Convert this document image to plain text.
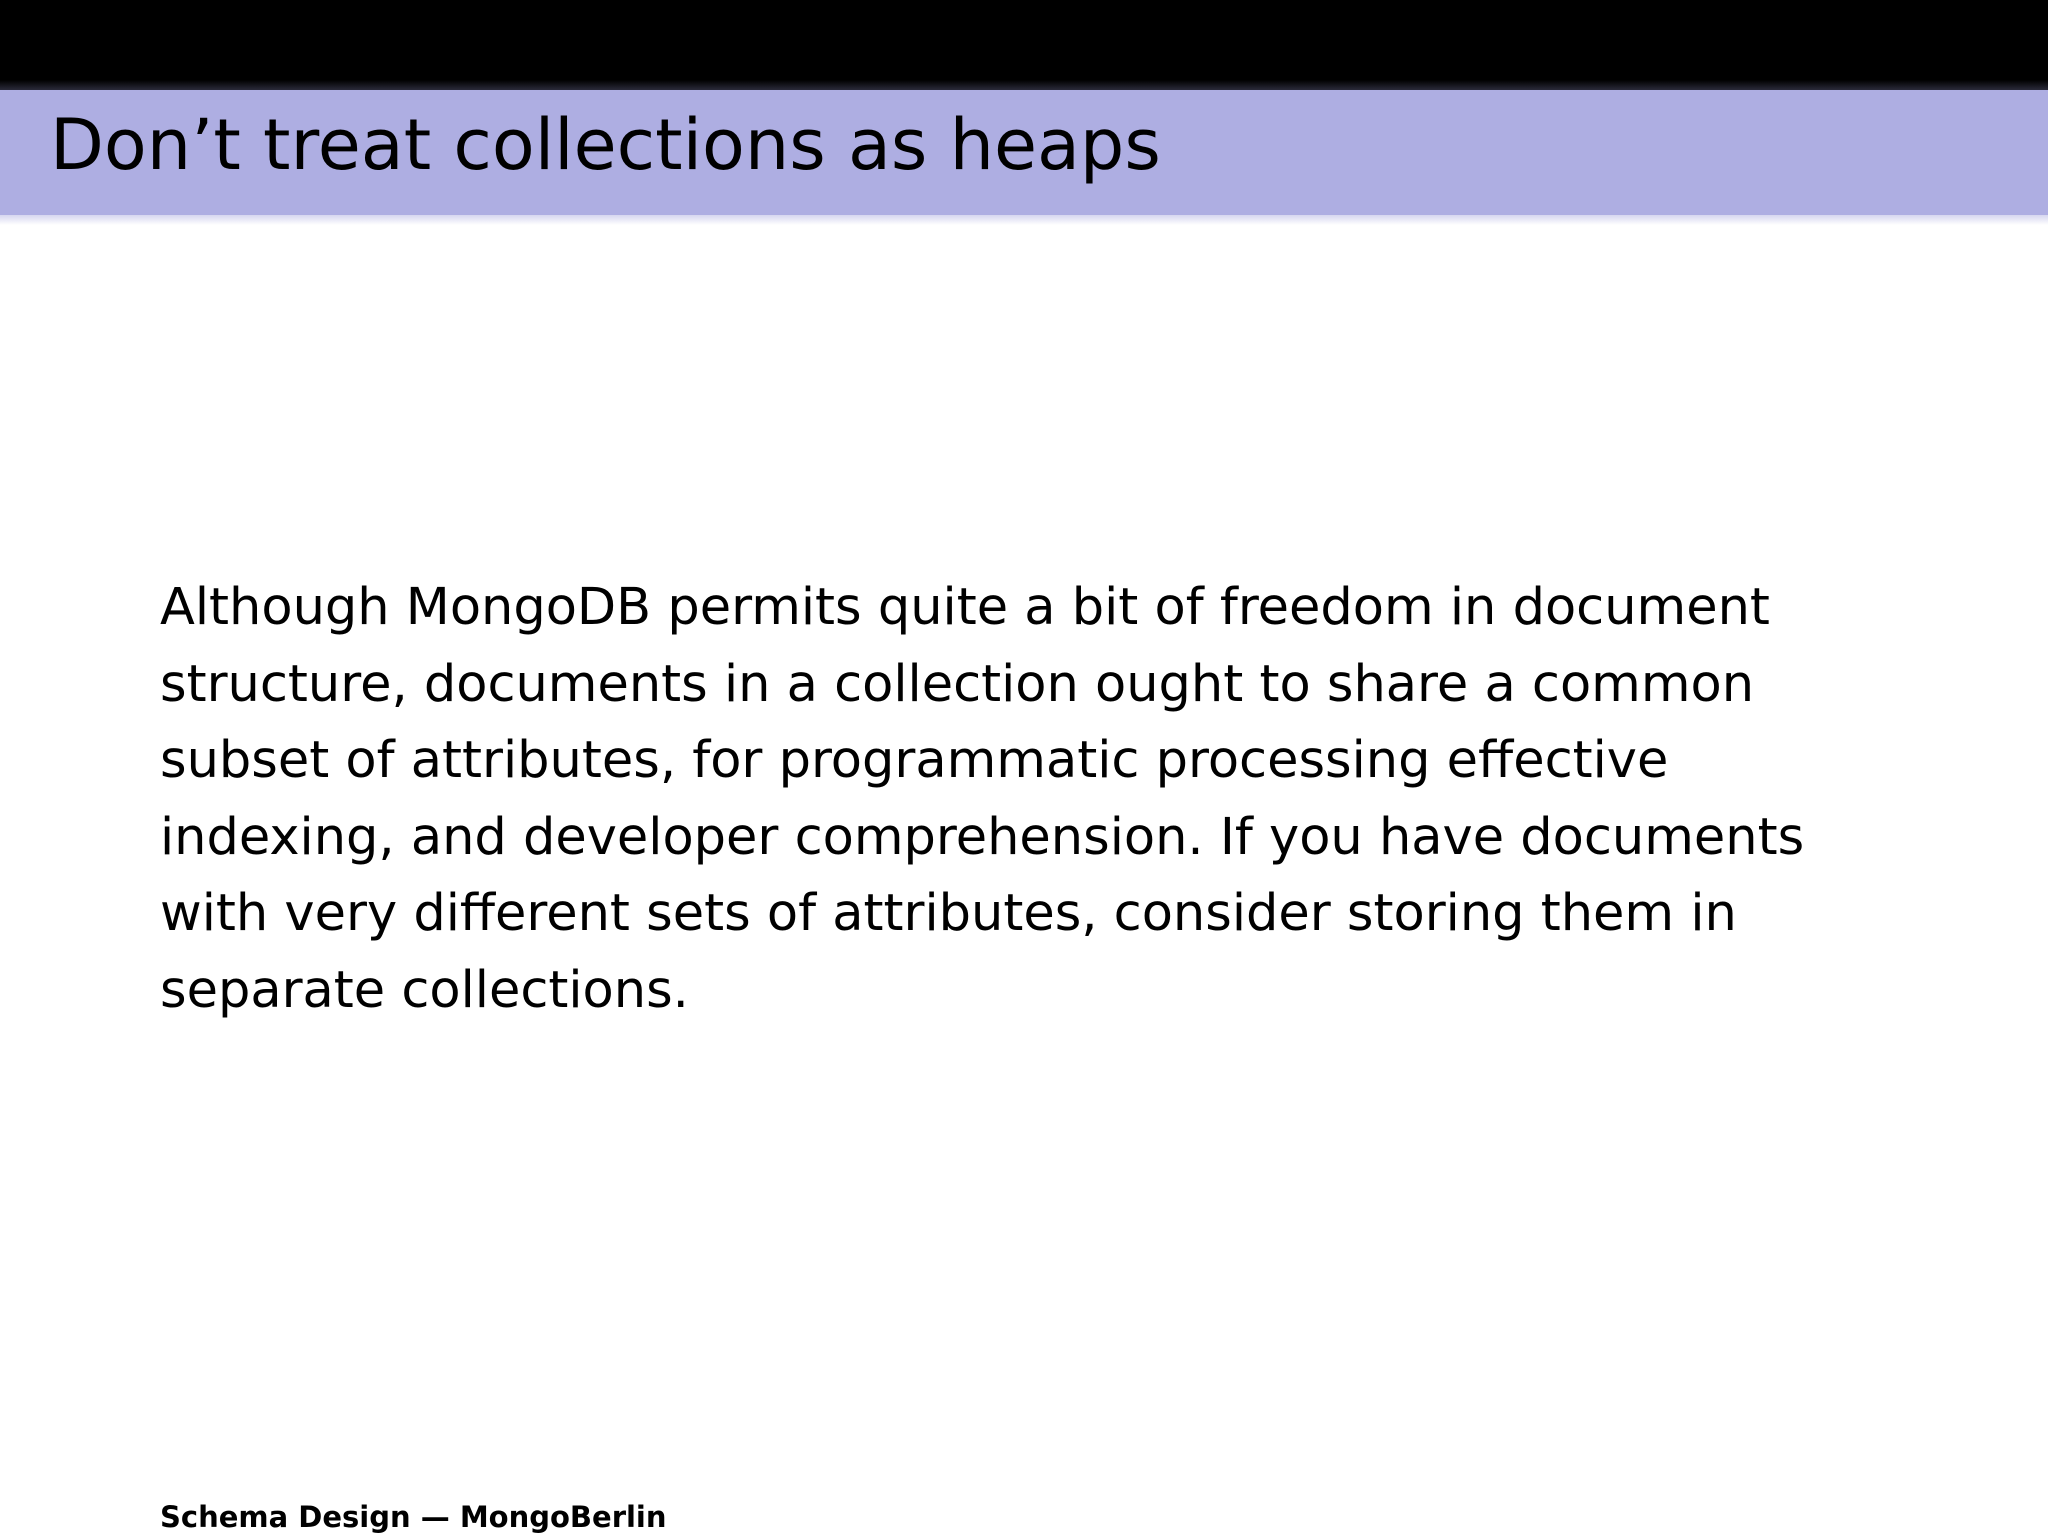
Don’t treat collections as heaps
Although MongoDB permits quite a bit of freedom in document
structure, documents in a collection ought to share a common
subset of attributes, for programmatic processing effective
indexing, and developer comprehension. If you have documents
with very different sets of attributes, consider storing them in
separate collections.
Schema Design — MongoBerlin
